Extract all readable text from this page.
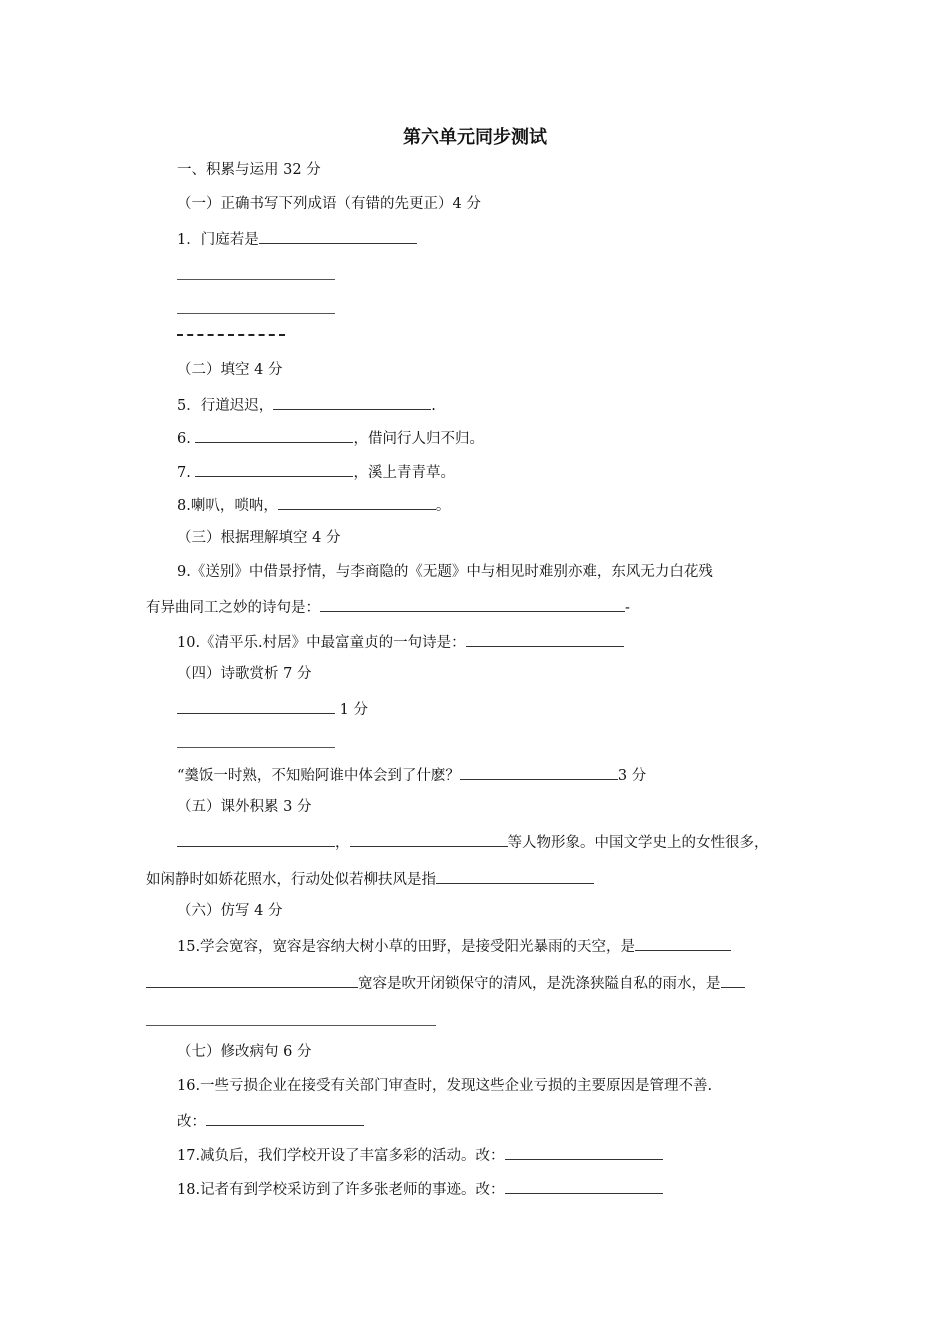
第六单元同步测试
一、积累与运用 32 分
（一）正确书写下列成语（有错的先更正）4 分
1．门庭若是
（二）填空 4 分
5．行道迟迟，	.
6.	，借问行人归不归。
7.	，溪上青青草。
8.喇叭，唢呐，	。
（三）根据理解填空 4 分
9.《送别》中借景抒情，与李商隐的《无题》中与相见时难别亦难，东风无力白花残
有异曲同工之妙的诗句是：	-
10.《清平乐.村居》中最富童贞的一句诗是：
（四）诗歌赏析 7 分
1 分
“羹饭一时熟，不知贻阿谁中体会到了什麽？	3 分
（五）课外积累 3 分
，	等人物形象。中国文学史上的女性很多，
如闲静时如娇花照水，行动处似若柳扶风是指
（六）仿写 4 分
15.学会宽容，宽容是容纳大树小草的田野，是接受阳光暴雨的天空，是
宽容是吹开闭锁保守的清风，是洗涤狭隘自私的雨水，是
（七）修改病句 6 分
16.一些亏损企业在接受有关部门审查时，发现这些企业亏损的主要原因是管理不善.
改：
17.减负后，我们学校开设了丰富多彩的活动。改：
18.记者有到学校采访到了许多张老师的事迹。改：
